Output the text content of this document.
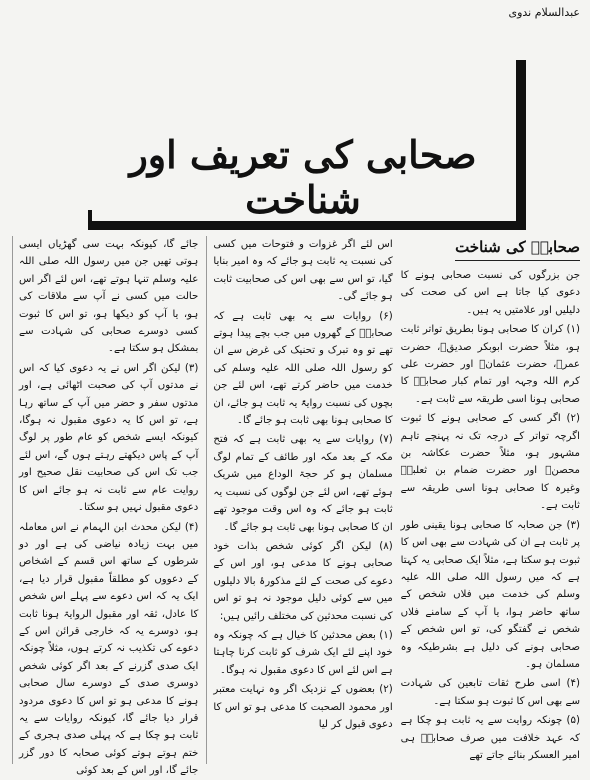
عبدالسلام ندوی
صحابی کی تعریف اور شناخت
صحابہؓ کی شناخت

جن بزرگوں کی نسبت صحابی ہونے کا دعوی کیا جاتا ہے اس کی صحت کی دلیلیں اور علامتیں یہ ہیں۔

(۱) کران کا صحابی ہونا بطریق تواتر ثابت ہو، مثلاً حضرت ابوبکر صدیقؓ، حضرت عمرؓ، حضرت عثمانؓ اور حضرت علی کرم اللہ وجہہ اور تمام کبار صحابہؓ کا صحابی ہونا اسی طریقہ سے ثابت ہے۔

(۲) اگر کسی کے صحابی ہونے کا ثبوت اگرچہ تواتر کے درجہ تک نہ پہنچے تاہم مشہور ہو، مثلاً حضرت عکاشہ بن محصنؓ اور حضرت ضمام بن ثعلبہؓ وغیرہ کا صحابی ہونا اسی طریقہ سے ثابت ہے۔

(۳) جن صحابہ کا صحابی ہونا یقینی طور پر ثابت ہے ان کی شہادت سے بھی اس کا ثبوت ہو سکتا ہے، مثلاً ایک صحابی یہ کہتا ہے کہ میں رسول اللہ صلی اللہ علیہ وسلم کی خدمت میں فلاں شخص کے ساتھ حاضر ہوا، یا آپ کے سامنے فلاں شخص نے گفتگو کی، تو اس شخص کے صحابی ہونے کی دلیل ہے بشرطیکہ وہ مسلمان ہو۔

(۴) اسی طرح ثقات تابعین کی شہادت سے بھی اس کا ثبوت ہو سکتا ہے۔

(۵) چونکہ روایت سے یہ ثابت ہو چکا ہے کہ عہد خلافت میں صرف صحابہؓ ہی امیر العسکر بنائے جاتے تھے

اس لئے اگر غزوات و فتوحات میں کسی کی نسبت یہ ثابت ہو جائے کہ وہ امیر بنایا گیا، تو اس سے بھی اس کی صحابیت ثابت ہو جائے گی۔

(۶) روایات سے یہ بھی ثابت ہے کہ صحابہؓ کے گھروں میں جب بچے پیدا ہوتے تھے تو وہ تبرک و تحنیک کی غرض سے ان کو رسول اللہ صلی اللہ علیہ وسلم کی خدمت میں حاضر کرتے تھے، اس لئے جن بچوں کی نسبت روایۃً یہ ثابت ہو جائے، ان کا صحابی ہونا بھی ثابت ہو جائے گا۔

(۷) روایات سے یہ بھی ثابت ہے کہ فتح مکہ کے بعد مکہ اور طائف کے تمام لوگ مسلمان ہو کر حجۃ الوداع میں شریک ہوئے تھے، اس لئے جن لوگوں کی نسبت یہ ثابت ہو جائے کہ وہ اس وقت موجود تھے ان کا صحابی ہونا بھی ثابت ہو جائے گا۔

(۸) لیکن اگر کوئی شخص بذات خود صحابی ہونے کا مدعی ہو، اور اس کے دعوے کی صحت کے لئے مذکورۂ بالا دلیلوں میں سے کوئی دلیل موجود نہ ہو تو اس کی نسبت محدثین کی مختلف رائیں ہیں:

(۱) بعض محدثین کا خیال ہے کہ چونکہ وہ خود اپنے لئے ایک شرف کو ثابت کرنا چاہتا ہے اس لئے اس کا دعوی مقبول نہ ہوگا۔

(۲) بعضوں کے نزدیک اگر وہ نہایت معتبر اور محمود الصحبت کا مدعی ہو تو اس کا دعوی قبول کر لیا

جائے گا، کیونکہ بہت سی گھڑیاں ایسی ہوتی تھیں جن میں رسول اللہ صلی اللہ علیہ وسلم تنہا ہوتے تھے، اس لئے اگر اس حالت میں کسی نے آپ سے ملاقات کی ہو، یا آپ کو دیکھا ہو، تو اس کا ثبوت کسی دوسرے صحابی کی شہادت سے بمشکل ہو سکتا ہے۔

(۳) لیکن اگر اس نے یہ دعوی کیا کہ اس نے مدتوں آپ کی صحبت اٹھائی ہے، اور مدتوں سفر و حضر میں آپ کے ساتھ رہا ہے، تو اس کا یہ دعوی مقبول نہ ہوگا، کیونکہ ایسے شخص کو عام طور پر لوگ آپ کے پاس دیکھتے رہتے ہوں گے، اس لئے جب تک اس کی صحابیت نقل صحیح اور روایت عام سے ثابت نہ ہو جائے اس کا دعوی مقبول نہیں ہو سکتا۔

(۴) لیکن محدث ابن الہمام نے اس معاملہ میں بہت زیادہ نیاضی کی ہے اور دو شرطوں کے ساتھ اس قسم کے اشخاص کے دعووں کو مطلقاً مقبول قرار دیا ہے، ایک یہ کہ اس دعوے سے پہلے اس شخص کا عادل، ثقہ اور مقبول الروایۃ ہونا ثابت ہو، دوسرے یہ کہ خارجی قرائن اس کے دعوے کی تکذیب نہ کرتے ہوں، مثلاً چونکہ ایک صدی گزرنے کے بعد اگر کوئی شخص دوسری صدی کے دوسرے سال صحابی ہونے کا مدعی ہو تو اس کا دعوی مردود قرار دیا جائے گا، کیونکہ روایات سے یہ ثابت ہو چکا ہے کہ پہلی صدی ہجری کے ختم ہوتے ہوتے کوئی صحابہ کا دور گزر جائے گا، اور اس کے بعد کوئی
